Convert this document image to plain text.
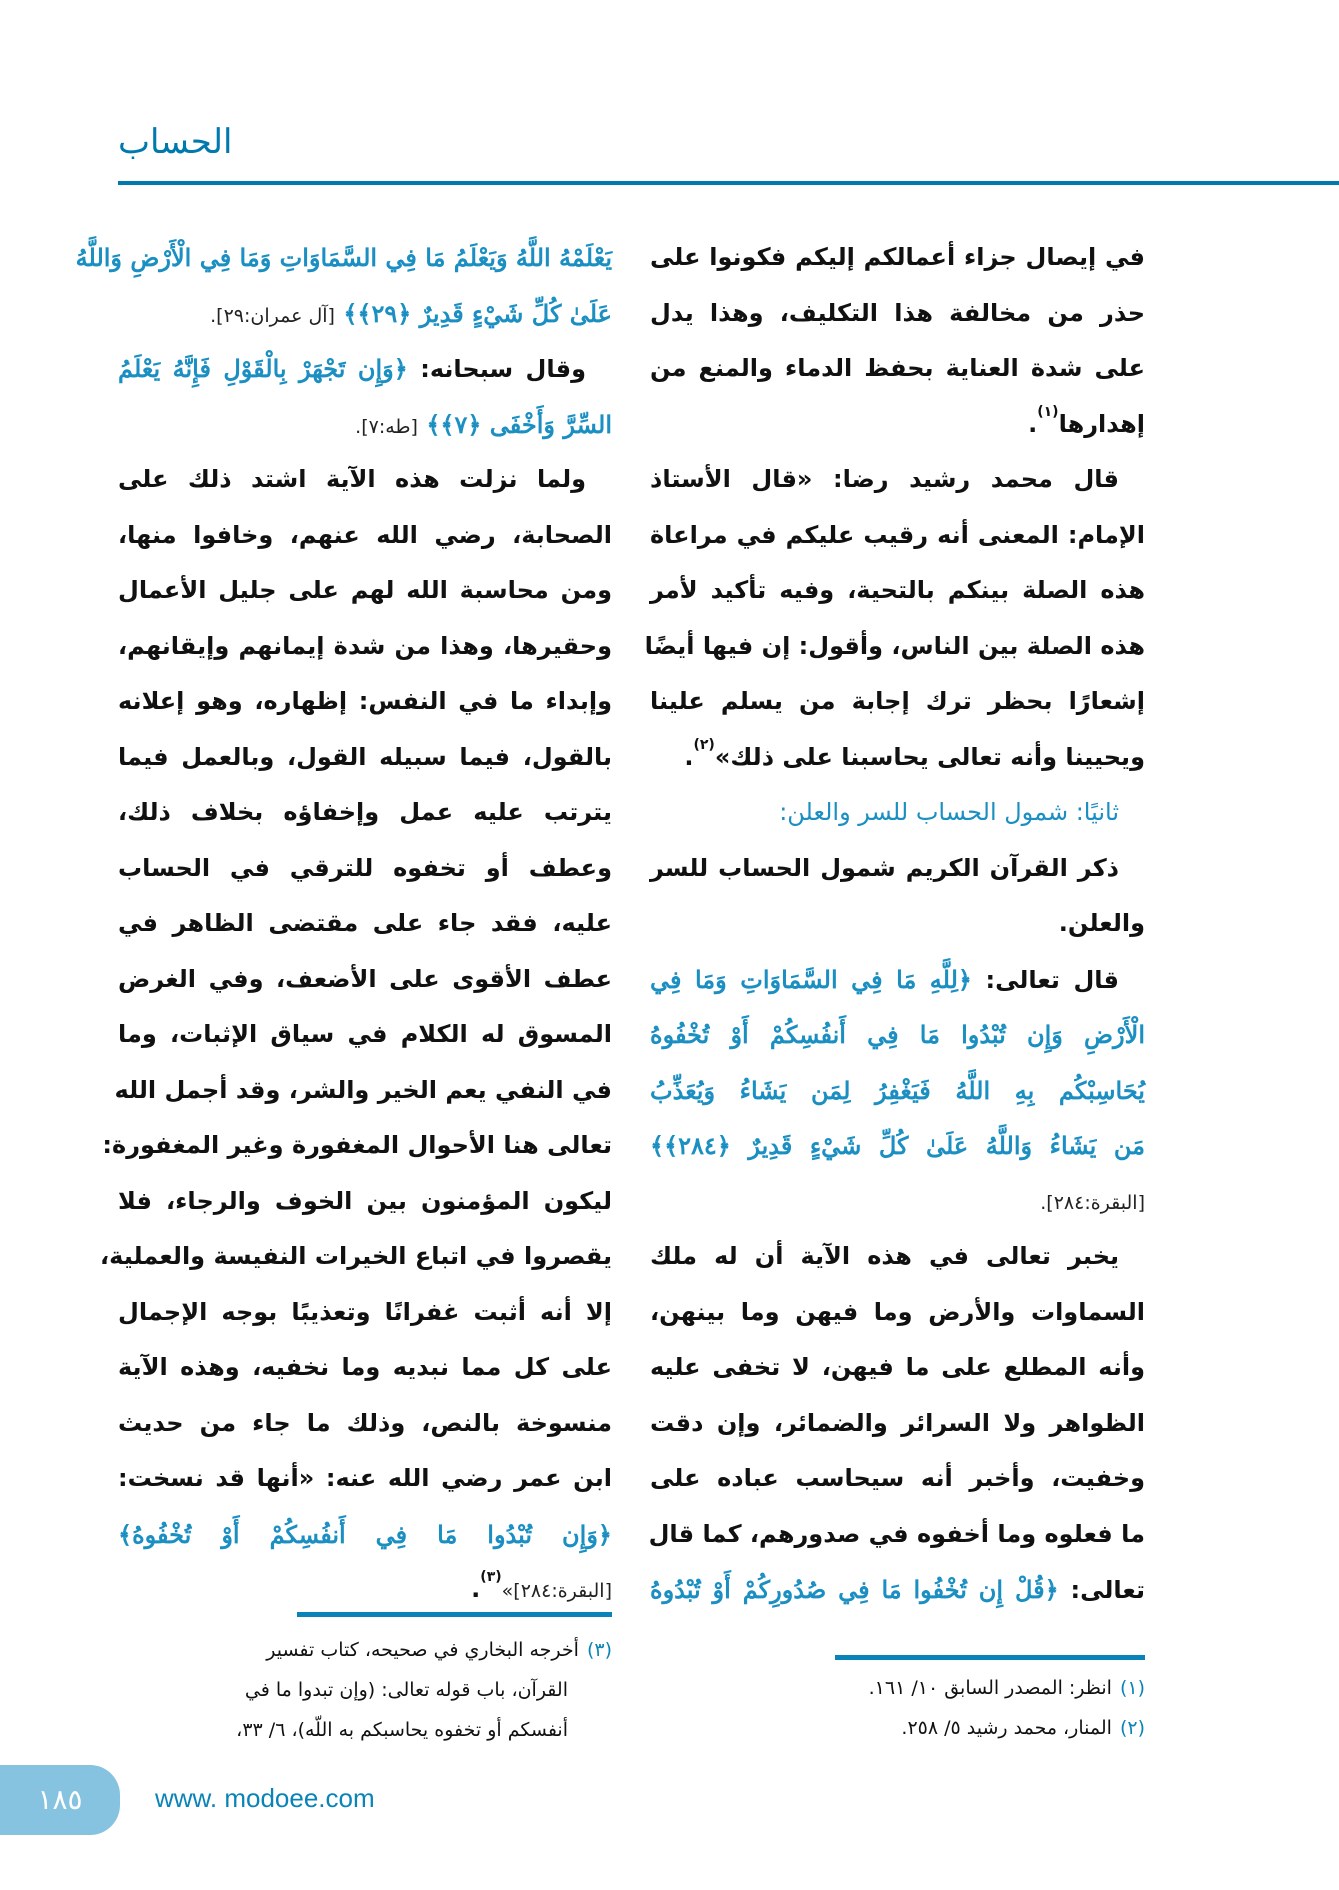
الحساب
في إيصال جزاء أعمالكم إليكم فكونوا على
حذر من مخالفة هذا التكليف، وهذا يدل
على شدة العناية بحفظ الدماء والمنع من
إهدارها$^{(١)}$.
قال محمد رشيد رضا: «قال الأستاذ
الإمام: المعنى أنه رقيب عليكم في مراعاة
هذه الصلة بينكم بالتحية، وفيه تأكيد لأمر
هذه الصلة بين الناس، وأقول: إن فيها أيضًا
إشعارًا بحظر ترك إجابة من يسلم علينا
ويحيينا وأنه تعالى يحاسبنا على ذلك»$^{(٢)}$.
ثانيًا: شمول الحساب للسر والعلن:
ذكر القرآن الكريم شمول الحساب للسر
والعلن.
قال تعالى: ﴿لِلَّهِ مَا فِي السَّمَاوَاتِ وَمَا فِي
الْأَرْضِ وَإِن تُبْدُوا مَا فِي أَنفُسِكُمْ أَوْ تُخْفُوهُ
يُحَاسِبْكُم بِهِ اللَّهُ فَيَغْفِرُ لِمَن يَشَاءُ وَيُعَذِّبُ
مَن يَشَاءُ وَاللَّهُ عَلَىٰ كُلِّ شَيْءٍ قَدِيرٌ ﴿٢٨٤﴾﴾
[البقرة:٢٨٤].
يخبر تعالى في هذه الآية أن له ملك
السماوات والأرض وما فيهن وما بينهن،
وأنه المطلع على ما فيهن، لا تخفى عليه
الظواهر ولا السرائر والضمائر، وإن دقت
وخفيت، وأخبر أنه سيحاسب عباده على
ما فعلوه وما أخفوه في صدورهم، كما قال
تعالى: ﴿قُلْ إِن تُخْفُوا مَا فِي صُدُورِكُمْ أَوْ تُبْدُوهُ
يَعْلَمْهُ اللَّهُ وَيَعْلَمُ مَا فِي السَّمَاوَاتِ وَمَا فِي الْأَرْضِ وَاللَّهُ
عَلَىٰ كُلِّ شَيْءٍ قَدِيرٌ ﴿٢٩﴾﴾ [آل عمران:٢٩].
وقال سبحانه: ﴿وَإِن تَجْهَرْ بِالْقَوْلِ فَإِنَّهُ يَعْلَمُ
السِّرَّ وَأَخْفَى ﴿٧﴾﴾ [طه:٧].
ولما نزلت هذه الآية اشتد ذلك على
الصحابة، رضي الله عنهم، وخافوا منها،
ومن محاسبة الله لهم على جليل الأعمال
وحقيرها، وهذا من شدة إيمانهم وإيقانهم،
وإبداء ما في النفس: إظهاره، وهو إعلانه
بالقول، فيما سبيله القول، وبالعمل فيما
يترتب عليه عمل وإخفاؤه بخلاف ذلك،
وعطف أو تخفوه للترقي في الحساب
عليه، فقد جاء على مقتضى الظاهر في
عطف الأقوى على الأضعف، وفي الغرض
المسوق له الكلام في سياق الإثبات، وما
في النفي يعم الخير والشر، وقد أجمل الله
تعالى هنا الأحوال المغفورة وغير المغفورة:
ليكون المؤمنون بين الخوف والرجاء، فلا
يقصروا في اتباع الخيرات النفيسة والعملية،
إلا أنه أثبت غفرانًا وتعذيبًا بوجه الإجمال
على كل مما نبديه وما نخفيه، وهذه الآية
منسوخة بالنص، وذلك ما جاء من حديث
ابن عمر رضي الله عنه: «أنها قد نسخت:
﴿وَإِن تُبْدُوا مَا فِي أَنفُسِكُمْ أَوْ تُخْفُوهُ﴾
[البقرة:٢٨٤]»$^{(٣)}$.
(١)انظر: المصدر السابق ١٠/ ١٦١.
(٢)المنار، محمد رشيد ٥/ ٢٥٨.
(٣)أخرجه البخاري في صحيحه، كتاب تفسير
القرآن، باب قوله تعالى: (وإن تبدوا ما في
أنفسكم أو تخفوه يحاسبكم به اللّه)، ٦/ ٣٣،
١٨٥	www. modoee.com
